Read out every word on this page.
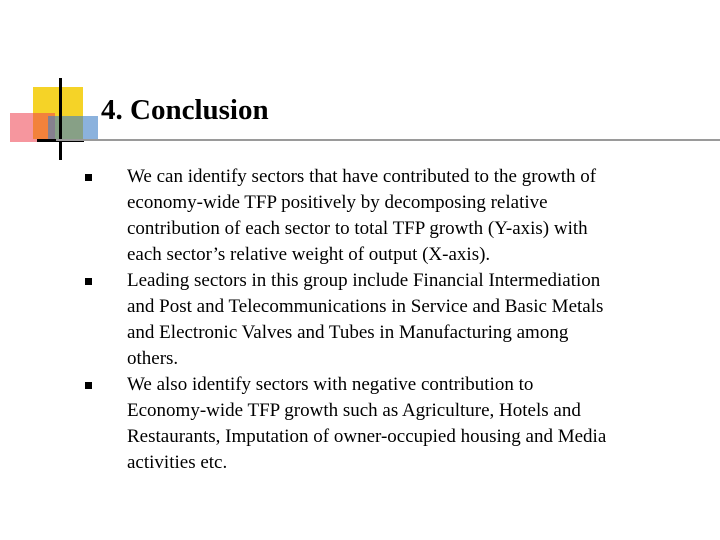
4. Conclusion
We can identify sectors that have contributed to the growth of economy-wide TFP positively by decomposing relative contribution of each sector to total TFP growth (Y-axis) with each sector’s relative weight of output (X-axis).
Leading sectors in this group include Financial Intermediation and Post and Telecommunications in Service and Basic Metals and Electronic Valves and Tubes in Manufacturing among others.
We also identify sectors with negative contribution to Economy-wide TFP growth such as Agriculture, Hotels and Restaurants, Imputation of owner-occupied housing and Media activities etc.
